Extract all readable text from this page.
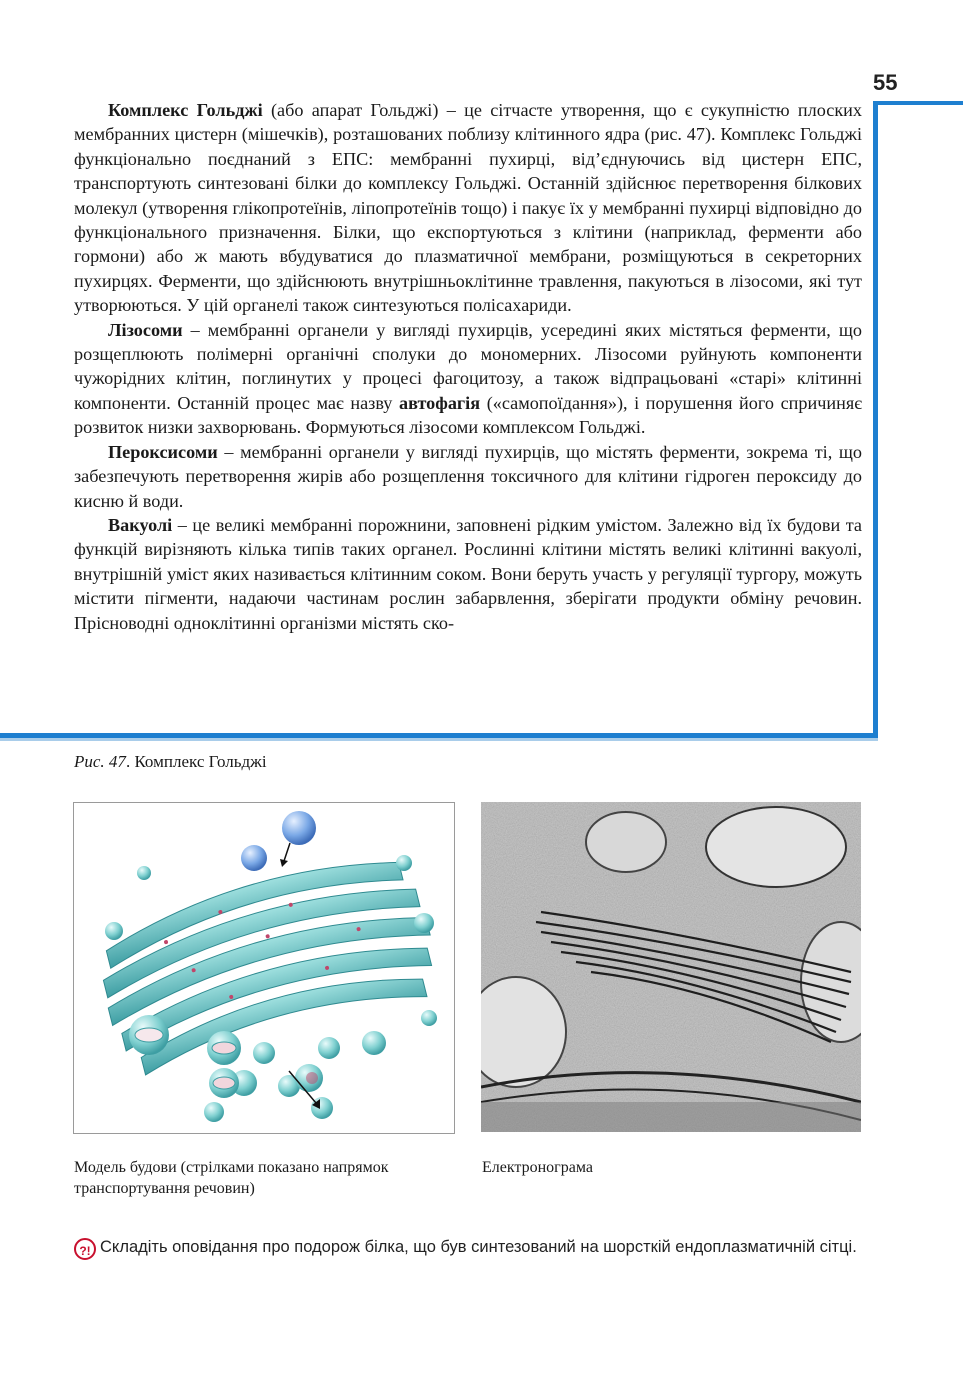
55

Комплекс Гольджі (або апарат Гольджі) – це сітчасте утворення, що є сукупністю плоских мембранних цистерн (мішечків), розташованих поблизу клітинного ядра (рис. 47). Комплекс Гольджі функціонально поєднаний з ЕПС: мембранні пухирці, від’єднуючись від цистерн ЕПС, транспортують синтезовані білки до комплексу Гольджі. Останній здійснює перетворення білкових молекул (утворення глікопротеїнів, ліпопротеїнів тощо) і пакує їх у мембранні пухирці відповідно до функціонального призначення. Білки, що експортуються з клітини (наприклад, ферменти або гормони) або ж мають вбудуватися до плазматичної мембрани, розміщуються в секреторних пухирцях. Ферменти, що здійснюють внутрішньоклітинне травлення, пакуються в лізосоми, які тут утворюються. У цій органелі також синтезуються полісахариди.

Лізосоми – мембранні органели у вигляді пухирців, усередині яких містяться ферменти, що розщеплюють полімерні органічні сполуки до мономерних. Лізосоми руйнують компоненти чужорідних клітин, поглинутих у процесі фагоцитозу, а також відпрацьовані «старі» клітинні компоненти. Останній процес має назву автофагія («самопоїдання»), і порушення його спричиняє розвиток низки захворювань. Формуються лізосоми комплексом Гольджі.

Пероксисоми – мембранні органели у вигляді пухирців, що містять ферменти, зокрема ті, що забезпечують перетворення жирів або розщеплення токсичного для клітини гідроген пероксиду до кисню й води.

Вакуолі – це великі мембранні порожнини, заповнені рідким умістом. Залежно від їх будови та функцій вирізняють кілька типів таких органел. Рослинні клітини містять великі клітинні вакуолі, внутрішній уміст яких називається клітинним соком. Вони беруть участь у регуляції тургору, можуть містити пігменти, надаючи частинам рослин забарвлення, зберігати продукти обміну речовин. Прісноводні одноклітинні організми містять ско-

Рис. 47. Комплекс Гольджі
Модель будови (стрілками показано напрямок транспортування речовин)
Електронограма
?! Складіть оповідання про подорож білка, що був синтезований на шорсткій ендоплазматичній сітці.
